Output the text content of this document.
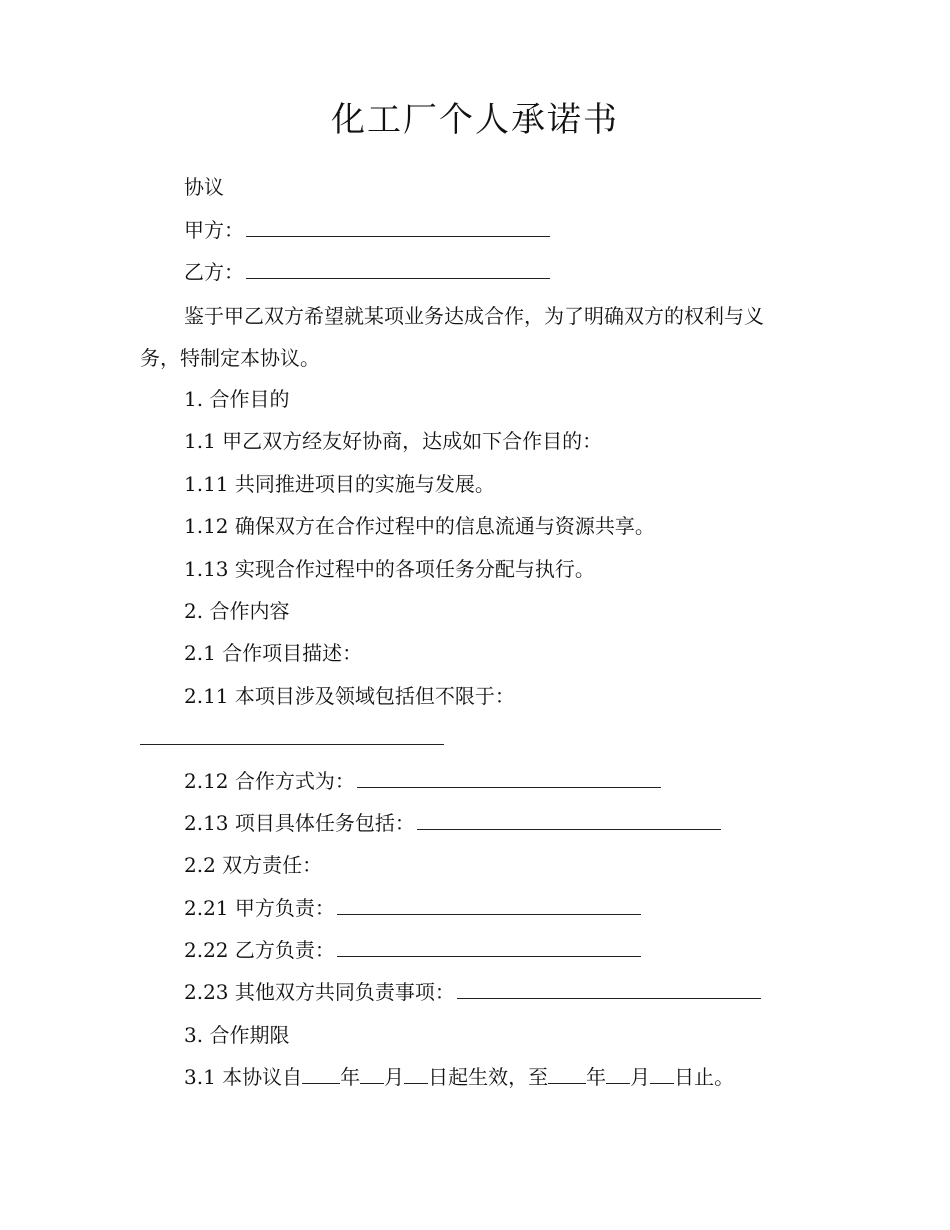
化工厂个人承诺书
协议
甲方：
乙方：
鉴于甲乙双方希望就某项业务达成合作，为了明确双方的权利与义务，特制定本协议。
1. 合作目的
1.1 甲乙双方经友好协商，达成如下合作目的：
1.11 共同推进项目的实施与发展。
1.12 确保双方在合作过程中的信息流通与资源共享。
1.13 实现合作过程中的各项任务分配与执行。
2. 合作内容
2.1 合作项目描述：
2.11 本项目涉及领域包括但不限于：
2.12 合作方式为：
2.13 项目具体任务包括：
2.2 双方责任：
2.21 甲方负责：
2.22 乙方负责：
2.23 其他双方共同负责事项：
3. 合作期限
3.1 本协议自 年 月 日起生效，至 年 月 日止。
